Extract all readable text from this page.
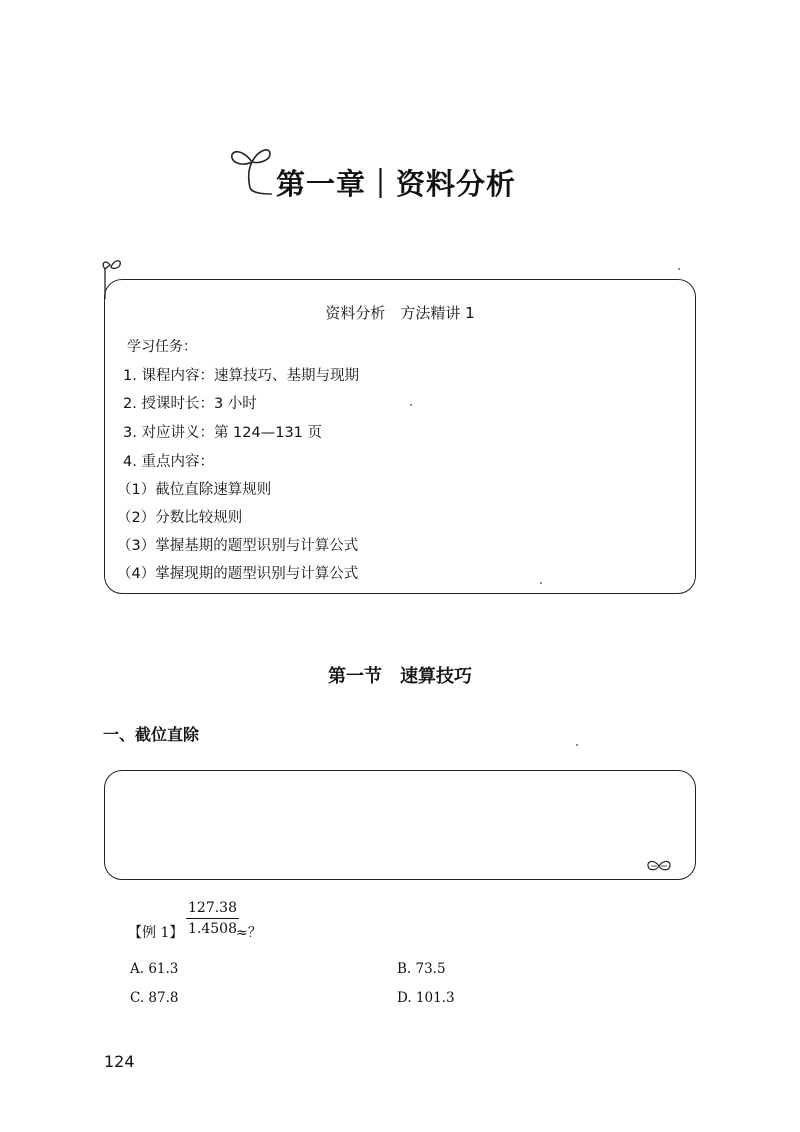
第一章｜资料分析
资料分析　方法精讲 1
学习任务：
1. 课程内容：速算技巧、基期与现期
2. 授课时长：3 小时
3. 对应讲义：第 124—131 页
4. 重点内容：
（1）截位直除速算规则
（2）分数比较规则
（3）掌握基期的题型识别与计算公式
（4）掌握现期的题型识别与计算公式
第一节　速算技巧
一、截位直除
【例 1】
127.38
1.4508 ≈？
A. 61.3	B. 73.5
C. 87.8	D. 101.3
124
